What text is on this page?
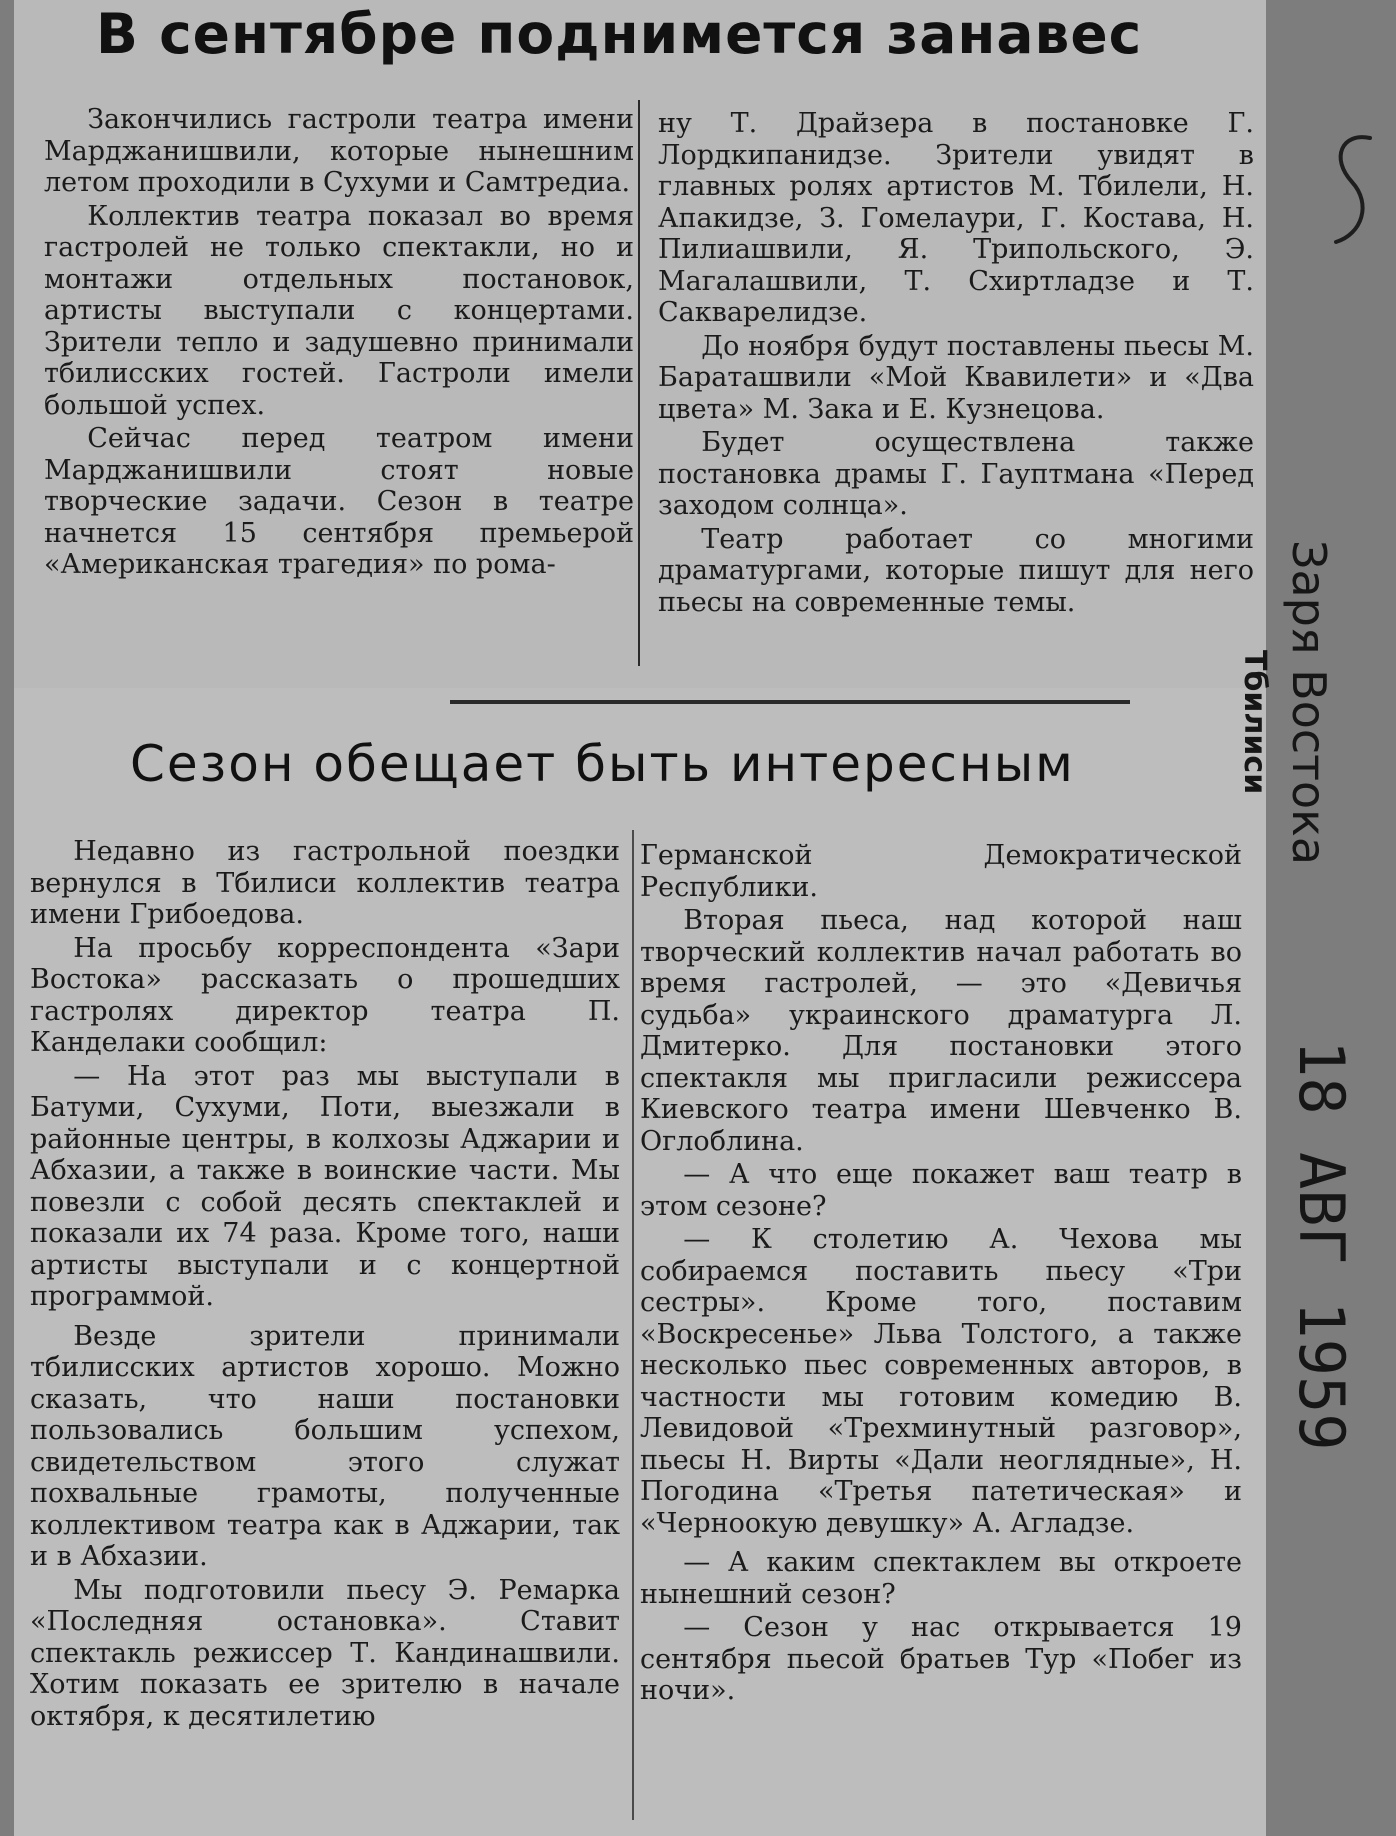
В сентябре поднимется занавес

Закончились гастроли театра имени Марджанишвили, которые нынешним летом проходили в Сухуми и Самтредиа.

Коллектив театра показал во время гастролей не только спектакли, но и монтажи отдельных постановок, артисты выступали с концертами. Зрители тепло и задушевно принимали тбилисских гостей. Гастроли имели большой успех.

Сейчас перед театром имени Марджанишвили стоят новые творческие задачи. Сезон в театре начнется 15 сентября премьерой «Американская трагедия» по рома-

ну Т. Драйзера в постановке Г. Лордкипанидзе. Зрители увидят в главных ролях артистов М. Тбилели, Н. Апакидзе, З. Гомелаури, Г. Костава, Н. Пилиашвили, Я. Трипольского, Э. Магалашвили, Т. Схиртладзе и Т. Сакварелидзе.

До ноября будут поставлены пьесы М. Бараташвили «Мой Квавилети» и «Два цвета» М. Зака и Е. Кузнецова.

Будет осуществлена также постановка драмы Г. Гауптмана «Перед заходом солнца».

Театр работает со многими драматургами, которые пишут для него пьесы на современные темы.

Сезон обещает быть интересным

Недавно из гастрольной поездки вернулся в Тбилиси коллектив театра имени Грибоедова.

На просьбу корреспондента «Зари Востока» рассказать о прошедших гастролях директор театра П. Канделаки сообщил:

— На этот раз мы выступали в Батуми, Сухуми, Поти, выезжали в районные центры, в колхозы Аджарии и Абхазии, а также в воинские части. Мы повезли с собой десять спектаклей и показали их 74 раза. Кроме того, наши артисты выступали и с концертной программой.

Везде зрители принимали тбилисских артистов хорошо. Можно сказать, что наши постановки пользовались большим успехом, свидетельством этого служат похвальные грамоты, полученные коллективом театра как в Аджарии, так и в Абхазии.

Мы подготовили пьесу Э. Ремарка «Последняя остановка». Ставит спектакль режиссер Т. Кандинашвили. Хотим показать ее зрителю в начале октября, к десятилетию

Германской Демократической Республики.

Вторая пьеса, над которой наш творческий коллектив начал работать во время гастролей, — это «Девичья судьба» украинского драматурга Л. Дмитерко. Для постановки этого спектакля мы пригласили режиссера Киевского театра имени Шевченко В. Оглоблина.

— А что еще покажет ваш театр в этом сезоне?

— К столетию А. Чехова мы собираемся поставить пьесу «Три сестры». Кроме того, поставим «Воскресенье» Льва Толстого, а также несколько пьес современных авторов, в частности мы готовим комедию В. Левидовой «Трехминутный разговор», пьесы Н. Вирты «Дали неоглядные», Н. Погодина «Третья патетическая» и «Черноокую девушку» А. Агладзе.

— А каким спектаклем вы откроете нынешний сезон?

— Сезон у нас открывается 19 сентября пьесой братьев Тур «Побег из ночи».

Заря Востока
Тбилиси
18 АВГ 1959
